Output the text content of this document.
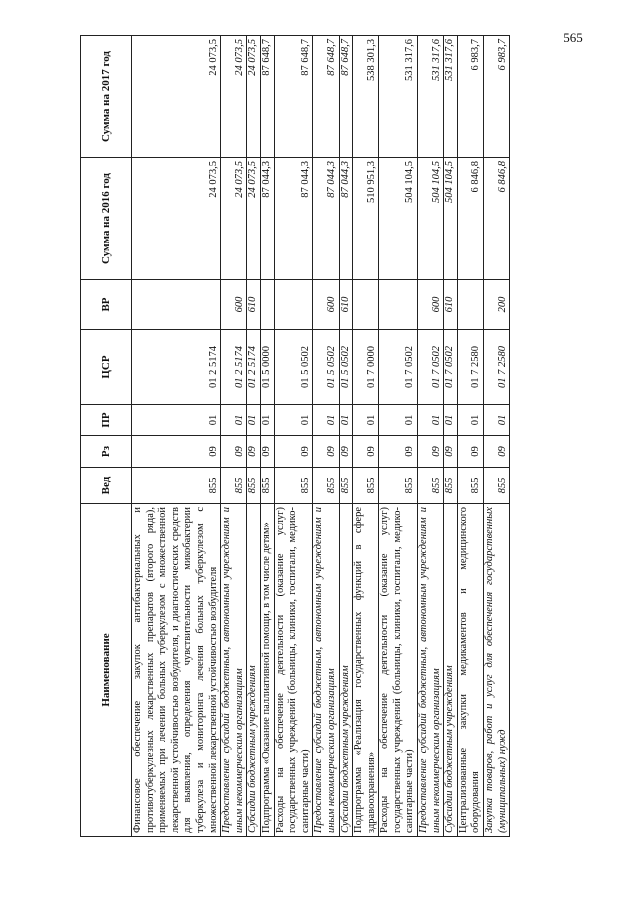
565
Наименование	Вед	Рз	ПР	ЦСР	ВР	Сумма на 2016 год	Сумма на 2017 год
Финансовое обеспечение закупок антибактериальных и противотуберкулезных лекарственных препаратов (второго ряда), применяемых при лечении больных туберкулезом с множественной лекарственной устойчивостью возбудителя, и диагностических средств для выявления, определения чувствительности микобактерии туберкулеза и мониторинга лечения больных туберкулезом с множественной лекарственной устойчивостью возбудителя	855	09	01	01 2 5174		24 073,5	24 073,5
Предоставление субсидий бюджетным, автономным учреждениям и иным некоммерческим организациям	855	09	01	01 2 5174	600	24 073,5	24 073,5
Субсидии бюджетным учреждениям	855	09	01	01 2 5174	610	24 073,5	24 073,5
Подпрограмма «Оказание паллиативной помощи, в том числе детям»	855	09	01	01 5 0000		87 044,3	87 648,7
Расходы на обеспечение деятельности (оказание услуг) государственных учреждений (больницы, клиники, госпитали, медико-санитарные части)	855	09	01	01 5 0502		87 044,3	87 648,7
Предоставление субсидий бюджетным, автономным учреждениям и иным некоммерческим организациям	855	09	01	01 5 0502	600	87 044,3	87 648,7
Субсидии бюджетным учреждениям	855	09	01	01 5 0502	610	87 044,3	87 648,7
Подпрограмма «Реализация государственных функций в сфере здравоохранения»	855	09	01	01 7 0000		510 951,3	538 301,3
Расходы на обеспечение деятельности (оказание услуг) государственных учреждений (больницы, клиники, госпитали, медико-санитарные части)	855	09	01	01 7 0502		504 104,5	531 317,6
Предоставление субсидий бюджетным, автономным учреждениям и иным некоммерческим организациям	855	09	01	01 7 0502	600	504 104,5	531 317,6
Субсидии бюджетным учреждениям	855	09	01	01 7 0502	610	504 104,5	531 317,6
Централизованные закупки медикаментов и медицинского оборудования	855	09	01	01 7 2580		6 846,8	6 983,7
Закупка товаров, работ и услуг для обеспечения государственных (муниципальных) нужд	855	09	01	01 7 2580	200	6 846,8	6 983,7
